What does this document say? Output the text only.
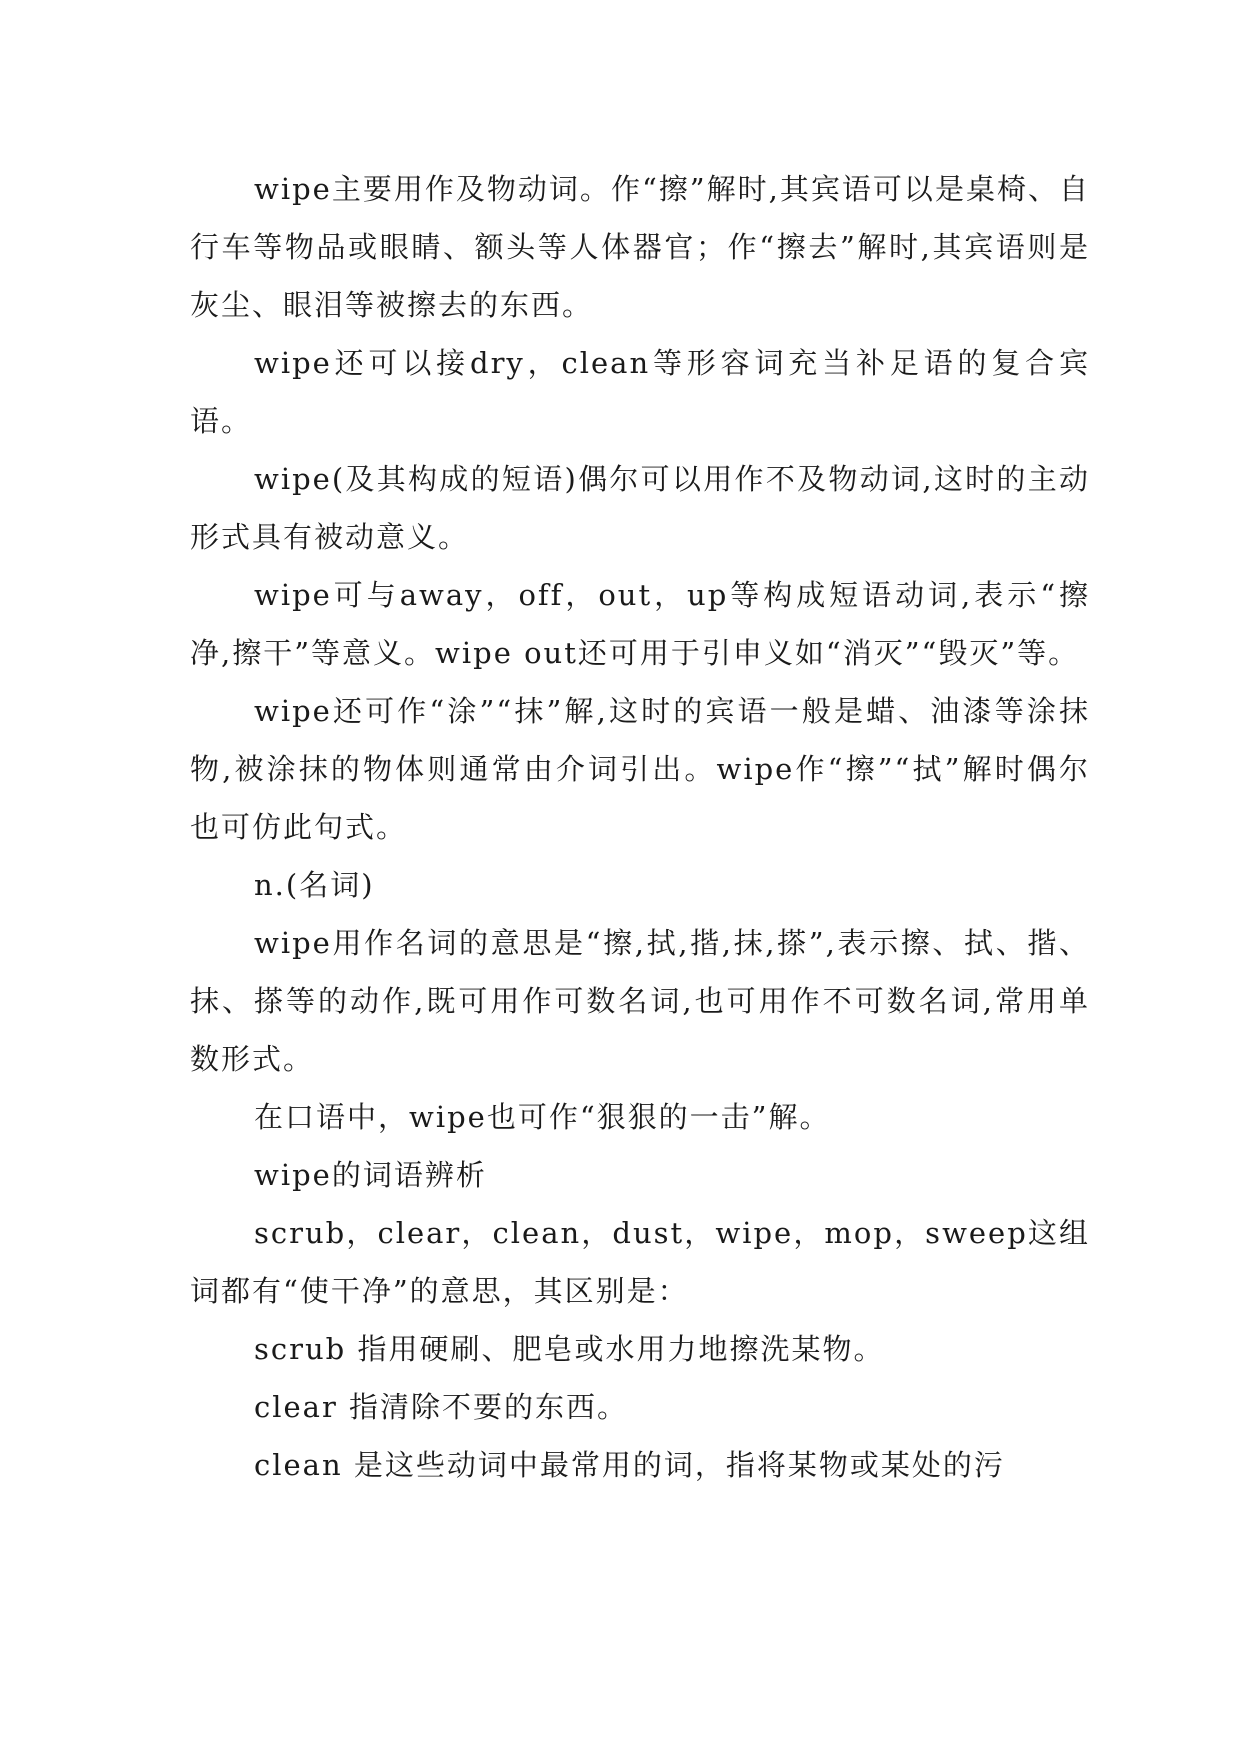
wipe主要用作及物动词。作“擦”解时,其宾语可以是桌椅、自行车等物品或眼睛、额头等人体器官；作“擦去”解时,其宾语则是灰尘、眼泪等被擦去的东西。

wipe还可以接dry，clean等形容词充当补足语的复合宾语。

wipe(及其构成的短语)偶尔可以用作不及物动词,这时的主动形式具有被动意义。

wipe可与away，off，out，up等构成短语动词,表示“擦净,擦干”等意义。wipe out还可用于引申义如“消灭”“毁灭”等。

wipe还可作“涂”“抹”解,这时的宾语一般是蜡、油漆等涂抹物,被涂抹的物体则通常由介词引出。wipe作“擦”“拭”解时偶尔也可仿此句式。

n.(名词)

wipe用作名词的意思是“擦,拭,揩,抹,搽”,表示擦、拭、揩、抹、搽等的动作,既可用作可数名词,也可用作不可数名词,常用单数形式。

在口语中，wipe也可作“狠狠的一击”解。

wipe的词语辨析

scrub，clear，clean，dust，wipe，mop，sweep这组词都有“使干净”的意思，其区别是：

scrub 指用硬刷、肥皂或水用力地擦洗某物。

clear 指清除不要的东西。

clean 是这些动词中最常用的词，指将某物或某处的污
